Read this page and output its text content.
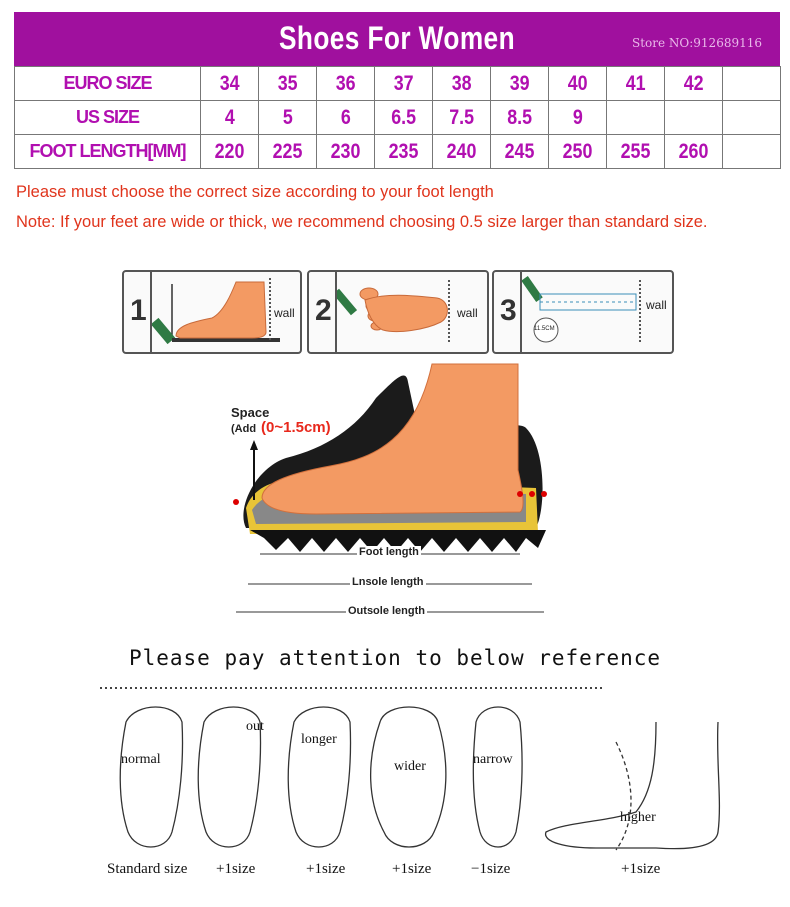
Shoes For Women	Store NO:912689116
EURO SIZE	34	35	36	37	38	39	40	41	42	
US SIZE	4	5	6	6.5	7.5	8.5	9			
FOOT LENGTH[MM]	220	225	230	235	240	245	250	255	260	
Please must choose the correct size according to your foot length
Note: If your feet are wide or thick, we recommend choosing 0.5 size larger than standard size.
1	wall 2	wall 3
11.5CM
wall
Space
(Add (0~1.5cm)
Foot length
Lnsole length
Outsole length
Please pay attention to below reference
normal
out
longer
wider	narrow
higher
Standard size +1size	+1size	+1size	−1size	+1size
